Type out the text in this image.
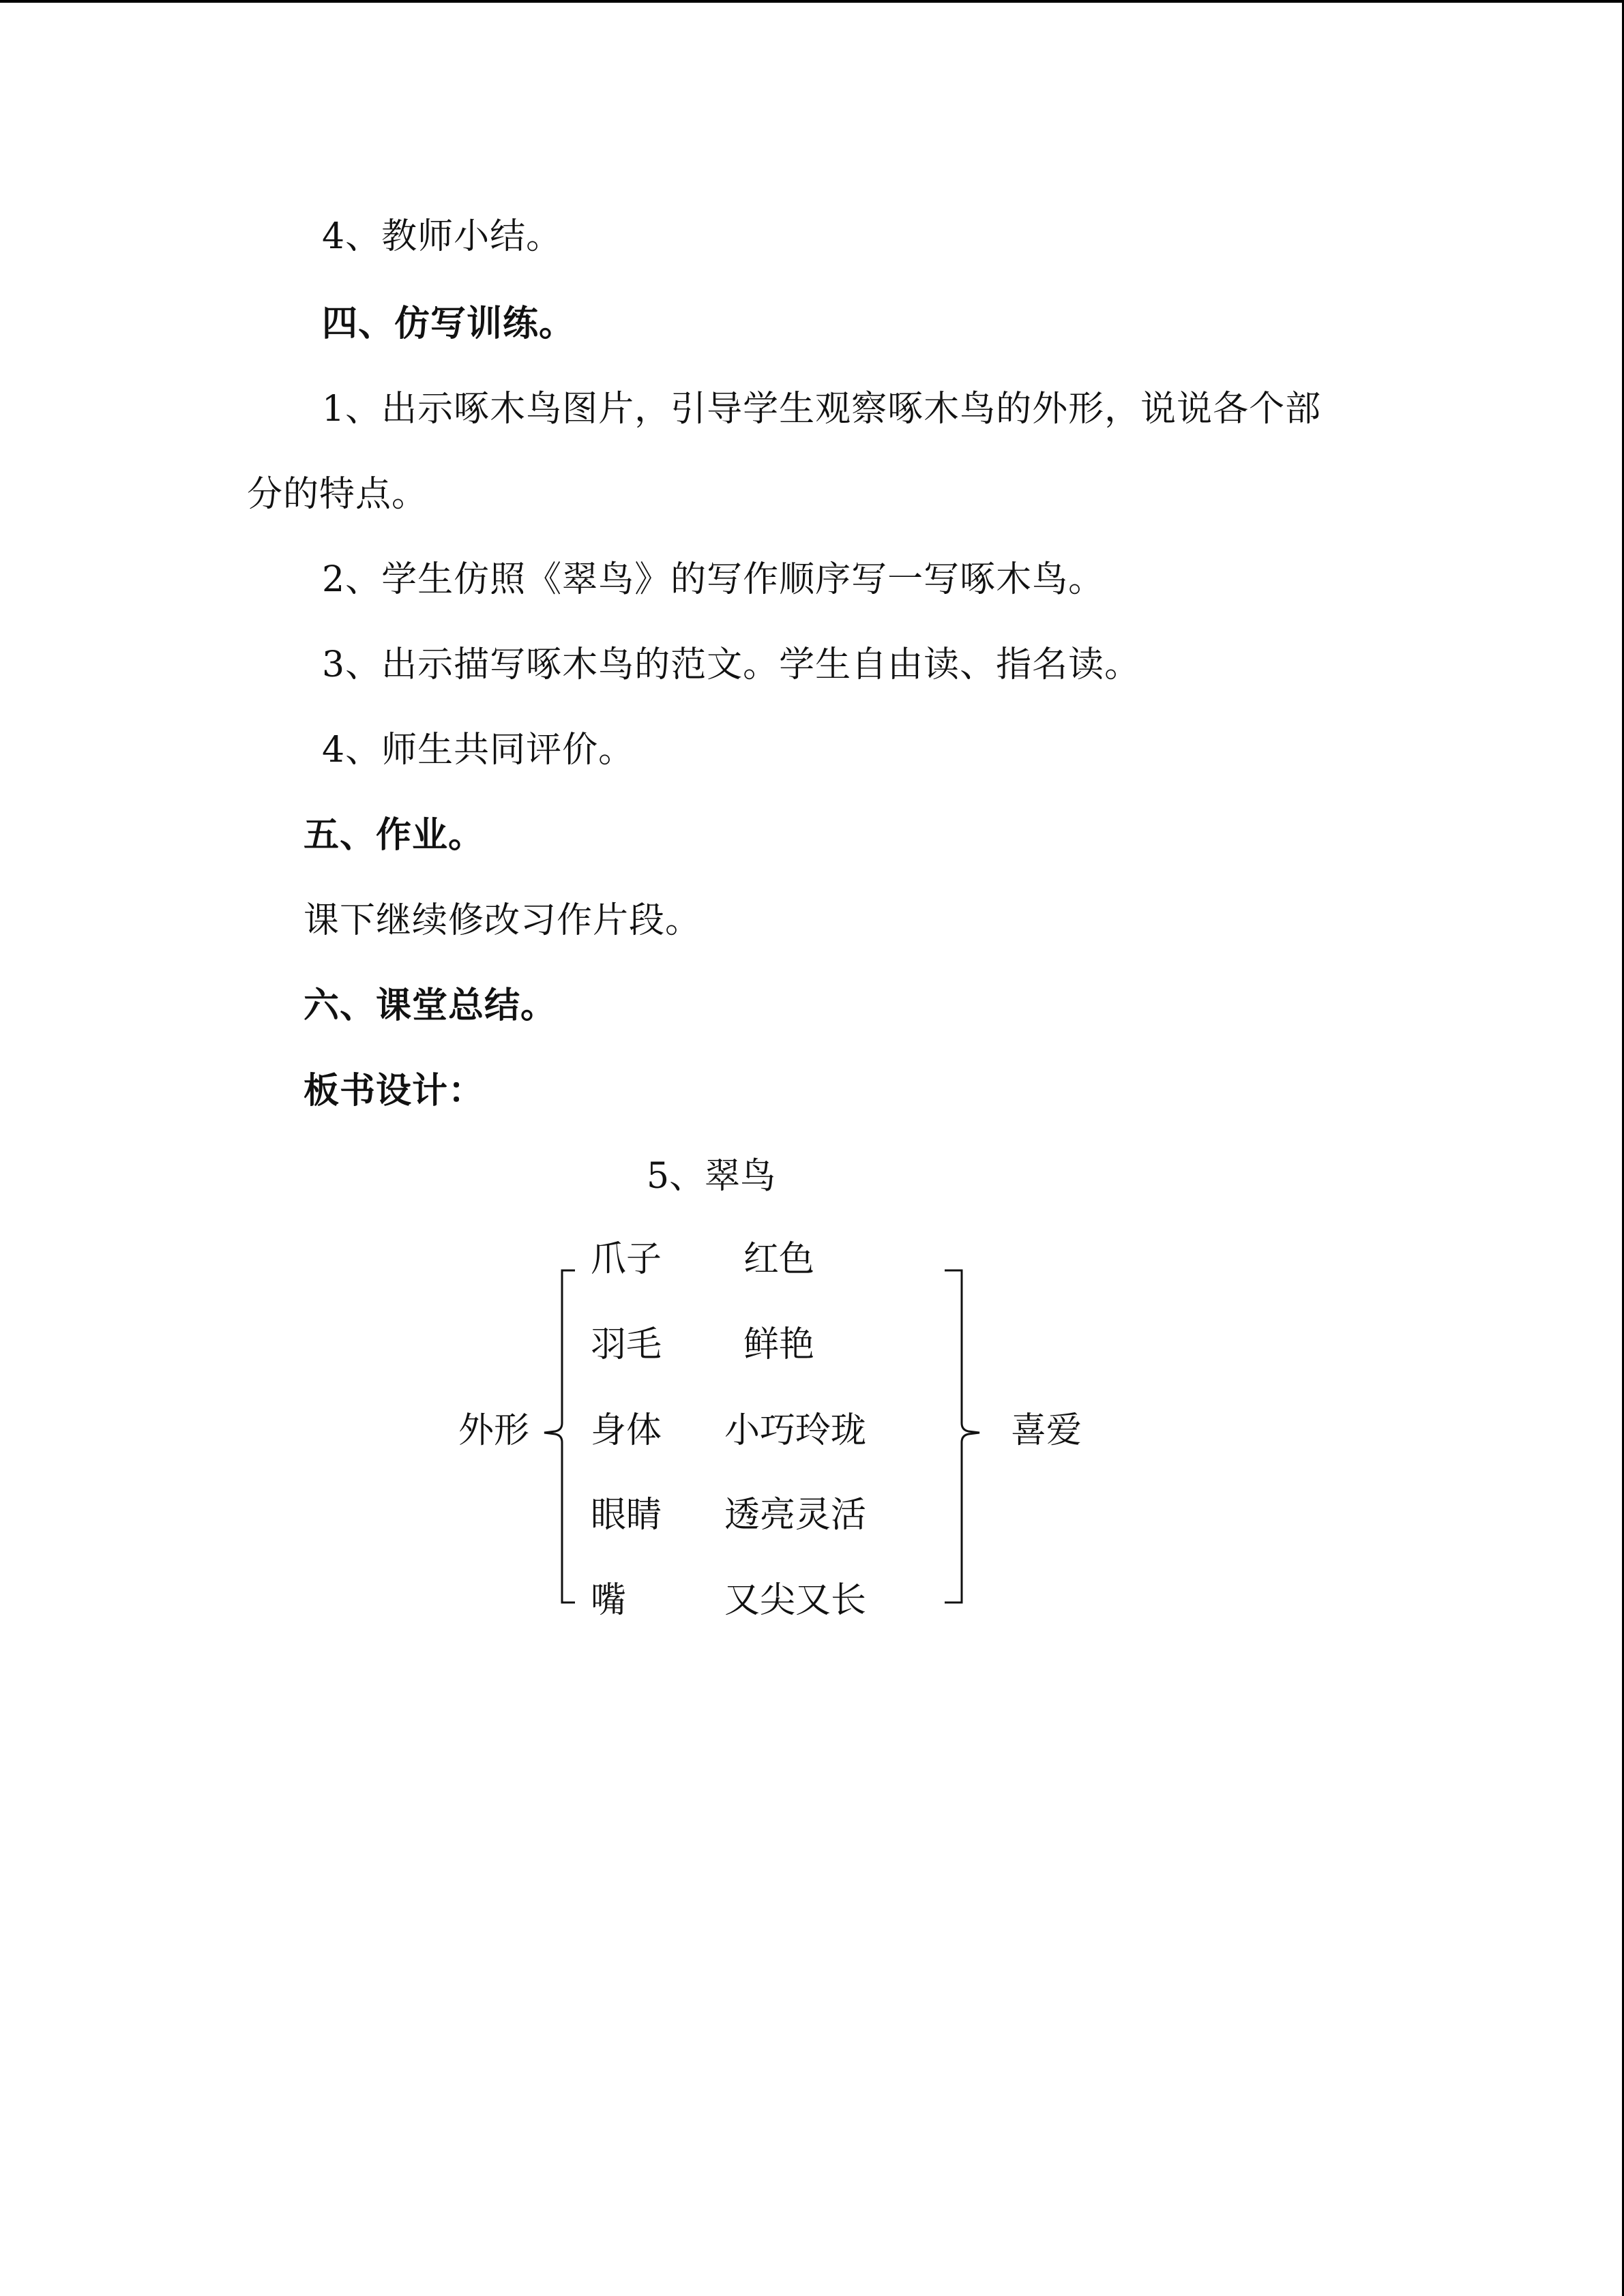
4、教师小结。
四、仿写训练。
1、出示啄木鸟图片，引导学生观察啄木鸟的外形，说说各个部
分的特点。
2、学生仿照《翠鸟》的写作顺序写一写啄木鸟。
3、出示描写啄木鸟的范文。学生自由读、指名读。
4、师生共同评价。
五、作业。
课下继续修改习作片段。
六、课堂总结。
板书设计：
5、翠鸟
外形	喜爱
爪子 红色
羽毛 鲜艳
身体 小巧玲珑
眼睛 透亮灵活
嘴	又尖又长
